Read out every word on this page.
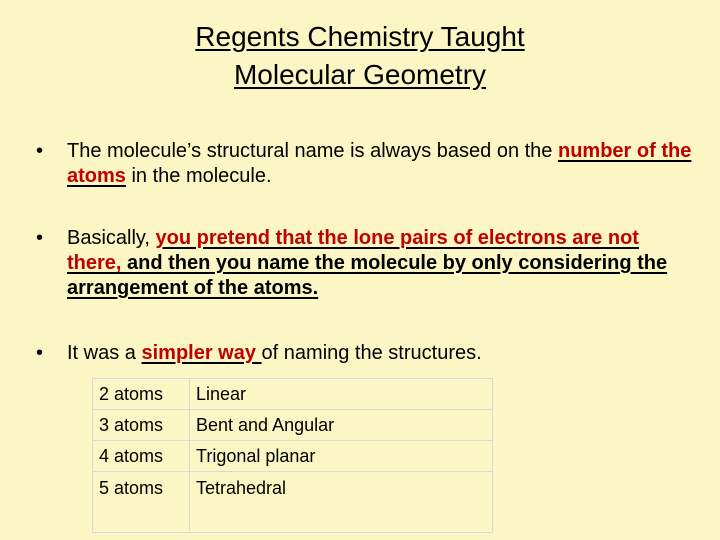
Regents Chemistry Taught
Molecular Geometry
•	The molecule’s structural name is always based on the number of the atoms in the molecule.
•	Basically, you pretend that the lone pairs of electrons are not there, and then you name the molecule by only considering the arrangement of the atoms.
•	It was a simpler way of naming the structures.
2 atoms	Linear
3 atoms	Bent and Angular
4 atoms	Trigonal planar
5 atoms	Tetrahedral
